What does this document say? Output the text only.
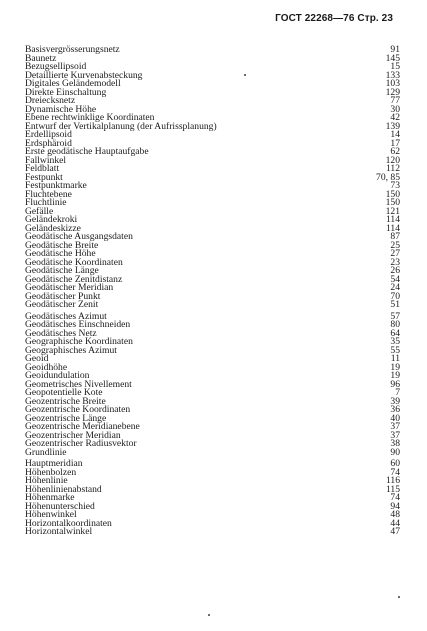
ГОСТ 22268—76 Стр. 23
Basisvergrösserungsnetz	91
Baunetz	145
Bezugsellipsoid	15
Detaillierte Kurvenabsteckung	133
Digitales Geländemodell	103
Direkte Einschaltung	129
Dreiecksnetz	77
Dynamische Höhe	30
Ebene rechtwinklige Koordinaten	42
Entwurf der Vertikalplanung (der Aufrissplanung)	139
Erdellipsoid	14
Erdsphäroid	17
Erste geodätische Hauptaufgabe	62
Fallwinkel	120
Feldblatt	112
Festpunkt	70, 85
Festpunktmarke	73
Fluchtebene	150
Fluchtlinie	150
Gefälle	121
Geländekroki	114
Geländeskizze	114
Geodätische Ausgangsdaten	87
Geodätische Breite	25
Geodätische Höhe	27
Geodätische Koordinaten	23
Geodätische Länge	26
Geodätische Zenitdistanz	54
Geodätischer Meridian	24
Geodätischer Punkt	70
Geodätischer Zenit	51
Geodätisches Azimut	57
Geodätisches Einschneiden	80
Geodätisches Netz	64
Geographische Koordinaten	35
Geographisches Azimut	55
Geoid	11
Geoidhöhe	19
Geoidundulation	19
Geometrisches Nivellement	96
Geopotentielle Kote	7
Geozentrische Breite	39
Geozentrische Koordinaten	36
Geozentrische Länge	40
Geozentrische Meridianebene	37
Geozentrischer Meridian	37
Geozentrischer Radiusvektor	38
Grundlinie	90
Hauptmeridian	60
Höhenbolzen	74
Höhenlinie	116
Höhenlinienabstand	115
Höhenmarke	74
Höhenunterschied	94
Höhenwinkel	48
Horizontalkoordinaten	44
Horizontalwinkel	47
